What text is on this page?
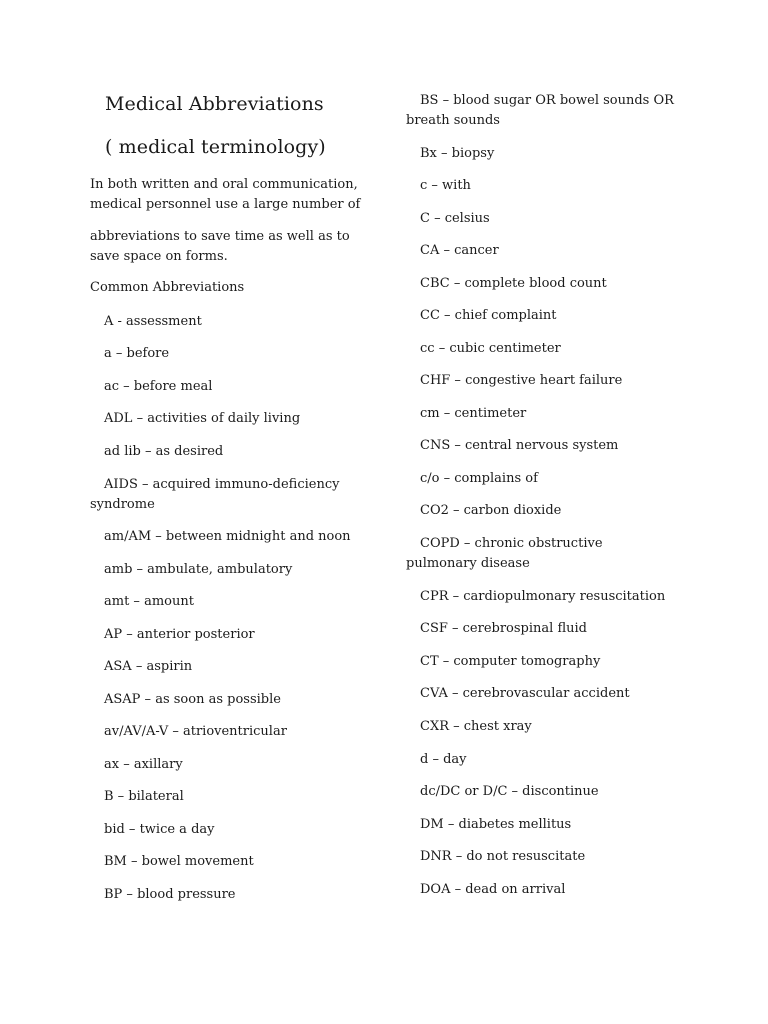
Medical Abbreviations
( medical terminology)
In both written and oral communication, medical personnel use a large number of
abbreviations to save time as well as to save space on forms.
Common Abbreviations
A - assessment
a – before
ac – before meal
ADL – activities of daily living
ad lib – as desired
AIDS – acquired immuno-deficiency syndrome
am/AM – between midnight and noon
amb – ambulate, ambulatory
amt – amount
AP – anterior posterior
ASA – aspirin
ASAP – as soon as possible
av/AV/A-V – atrioventricular
ax – axillary
B – bilateral
bid – twice a day
BM – bowel movement
BP – blood pressure
BS – blood sugar OR bowel sounds OR breath sounds
Bx – biopsy
c – with
C – celsius
CA – cancer
CBC – complete blood count
CC – chief complaint
cc – cubic centimeter
CHF – congestive heart failure
cm – centimeter
CNS – central nervous system
c/o – complains of
CO2 – carbon dioxide
COPD – chronic obstructive pulmonary disease
CPR – cardiopulmonary resuscitation
CSF – cerebrospinal fluid
CT – computer tomography
CVA – cerebrovascular accident
CXR – chest xray
d – day
dc/DC or D/C – discontinue
DM – diabetes mellitus
DNR – do not resuscitate
DOA – dead on arrival
